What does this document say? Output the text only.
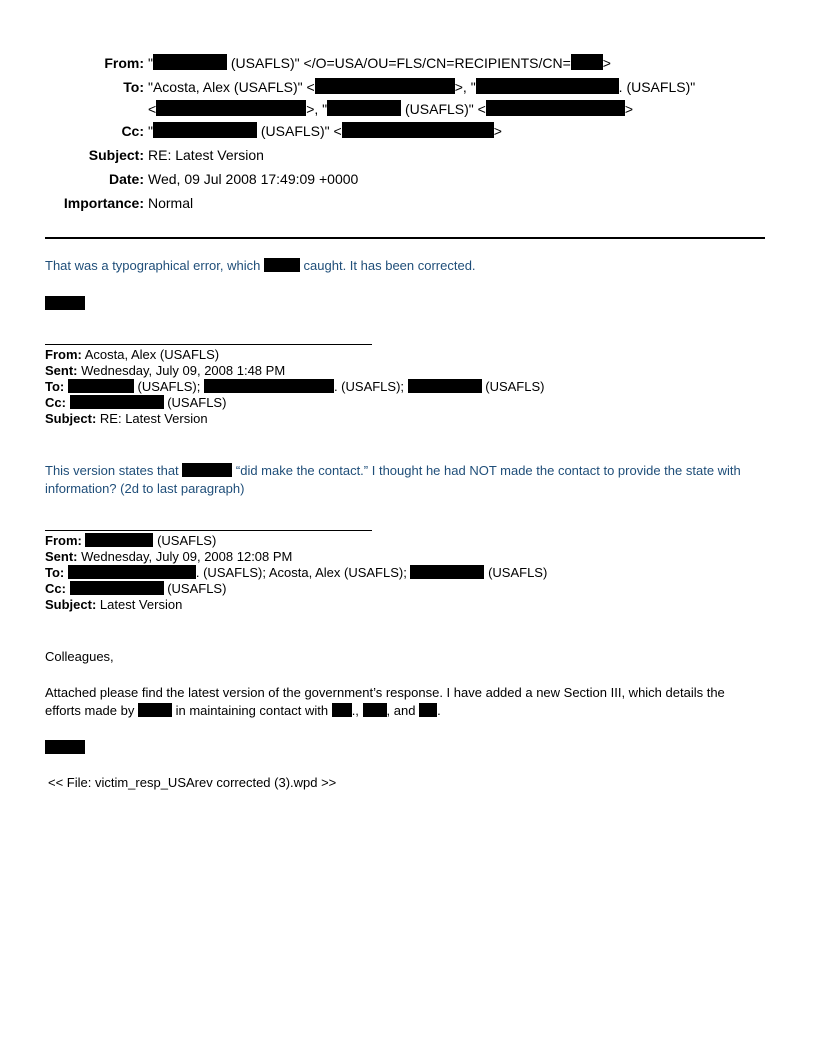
From: "	(USAFLS)" </O=USA/OU=FLS/CN=RECIPIENTS/CN= >
To: "Acosta, Alex (USAFLS)" <	>, "	. (USAFLS)"
<	>, "	(USAFLS)" <	>
Cc: "	(USAFLS)" <	>
Subject: RE: Latest Version
Date: Wed, 09 Jul 2008 17:49:09 +0000
Importance: Normal
That was a typographical error, which	caught. It has been corrected.
From: Acosta, Alex (USAFLS)
Sent: Wednesday, July 09, 2008 1:48 PM
To:	(USAFLS);	. (USAFLS);	(USAFLS)
Cc:	(USAFLS)
Subject: RE: Latest Version
This version states that	“did make the contact.” I thought he had NOT made the contact to provide the state with
information? (2d to last paragraph)
From:	(USAFLS)
Sent: Wednesday, July 09, 2008 12:08 PM
To:	. (USAFLS); Acosta, Alex (USAFLS);	(USAFLS)
Cc:	(USAFLS)
Subject: Latest Version
Colleagues,
Attached please find the latest version of the government’s response. I have added a new Section III, which details the
efforts made by	in maintaining contact with ., , and .
<< File: victim_resp_USArev corrected (3).wpd >>
